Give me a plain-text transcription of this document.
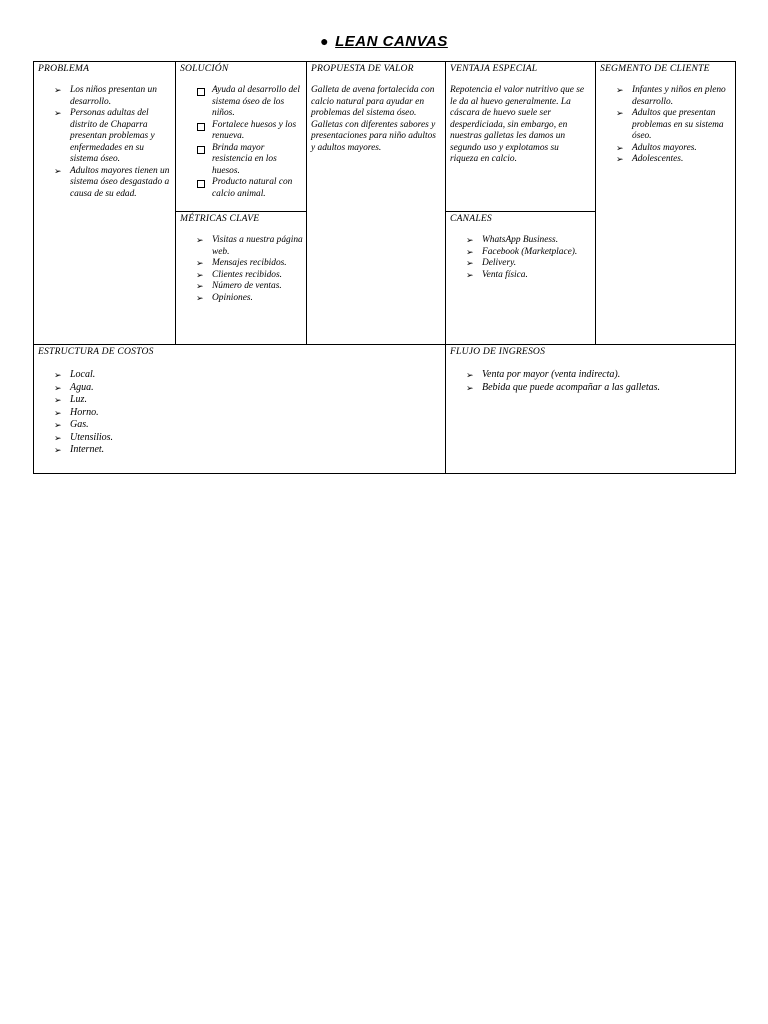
● LEAN CANVAS
PROBLEMA
➢ Los niños presentan un desarrollo.
➢ Personas adultas del distrito de Chaparra presentan problemas y enfermedades en su sistema óseo.
➢ Adultos mayores tienen un sistema óseo desgastado a causa de su edad.
SOLUCIÓN
Ayuda al desarrollo del sistema óseo de los niños.
Fortalece huesos y los renueva.
Brinda mayor resistencia en los huesos.
Producto natural con calcio animal.
MÉTRICAS CLAVE
➢ Visitas a nuestra página web.
➢ Mensajes recibidos.
➢ Clientes recibidos.
➢ Número de ventas.
➢ Opiniones.
PROPUESTA DE VALOR
Galleta de avena fortalecida con calcio natural para ayudar en problemas del sistema óseo. Galletas con diferentes sabores y presentaciones para niño adultos y adultos mayores.
VENTAJA ESPECIAL
Repotencia el valor nutritivo que se le da al huevo generalmente. La cáscara de huevo suele ser desperdiciada, sin embargo, en nuestras galletas les damos un segundo uso y explotamos su riqueza en calcio.
CANALES
➢ WhatsApp Business.
➢ Facebook (Marketplace).
➢ Delivery.
➢ Venta física.
SEGMENTO DE CLIENTE
➢ Infantes y niños en pleno desarrollo.
➢ Adultos que presentan problemas en su sistema óseo.
➢ Adultos mayores.
➢ Adolescentes.
ESTRUCTURA DE COSTOS
➢ Local.
➢ Agua.
➢ Luz.
➢ Horno.
➢ Gas.
➢ Utensilios.
➢ Internet.
FLUJO DE INGRESOS
➢ Venta por mayor (venta indirecta).
➢ Bebida que puede acompañar a las galletas.
